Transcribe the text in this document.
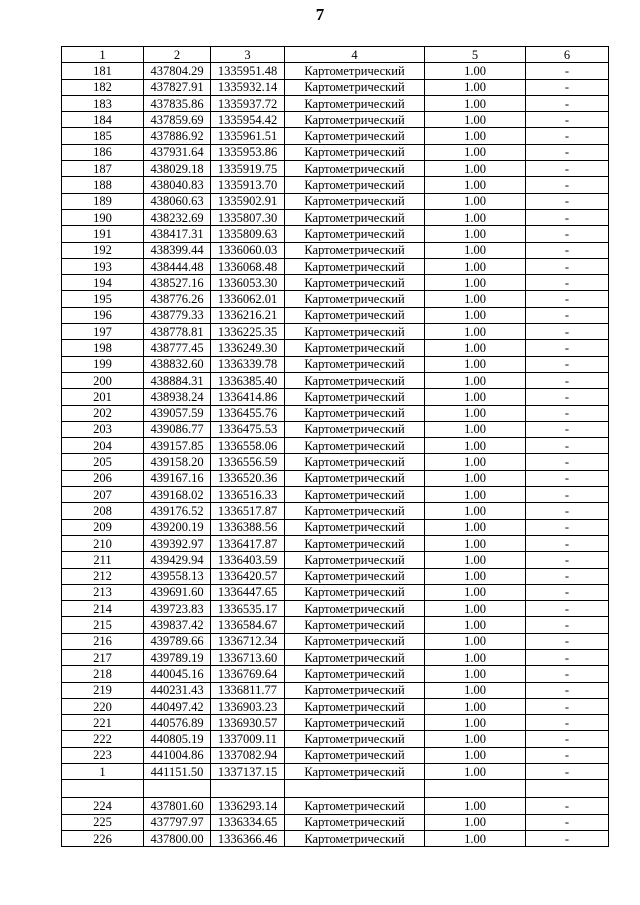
7
1	2	3	4	5	6
181	437804.29	1335951.48	Картометрический	1.00	-
182	437827.91	1335932.14	Картометрический	1.00	-
183	437835.86	1335937.72	Картометрический	1.00	-
184	437859.69	1335954.42	Картометрический	1.00	-
185	437886.92	1335961.51	Картометрический	1.00	-
186	437931.64	1335953.86	Картометрический	1.00	-
187	438029.18	1335919.75	Картометрический	1.00	-
188	438040.83	1335913.70	Картометрический	1.00	-
189	438060.63	1335902.91	Картометрический	1.00	-
190	438232.69	1335807.30	Картометрический	1.00	-
191	438417.31	1335809.63	Картометрический	1.00	-
192	438399.44	1336060.03	Картометрический	1.00	-
193	438444.48	1336068.48	Картометрический	1.00	-
194	438527.16	1336053.30	Картометрический	1.00	-
195	438776.26	1336062.01	Картометрический	1.00	-
196	438779.33	1336216.21	Картометрический	1.00	-
197	438778.81	1336225.35	Картометрический	1.00	-
198	438777.45	1336249.30	Картометрический	1.00	-
199	438832.60	1336339.78	Картометрический	1.00	-
200	438884.31	1336385.40	Картометрический	1.00	-
201	438938.24	1336414.86	Картометрический	1.00	-
202	439057.59	1336455.76	Картометрический	1.00	-
203	439086.77	1336475.53	Картометрический	1.00	-
204	439157.85	1336558.06	Картометрический	1.00	-
205	439158.20	1336556.59	Картометрический	1.00	-
206	439167.16	1336520.36	Картометрический	1.00	-
207	439168.02	1336516.33	Картометрический	1.00	-
208	439176.52	1336517.87	Картометрический	1.00	-
209	439200.19	1336388.56	Картометрический	1.00	-
210	439392.97	1336417.87	Картометрический	1.00	-
211	439429.94	1336403.59	Картометрический	1.00	-
212	439558.13	1336420.57	Картометрический	1.00	-
213	439691.60	1336447.65	Картометрический	1.00	-
214	439723.83	1336535.17	Картометрический	1.00	-
215	439837.42	1336584.67	Картометрический	1.00	-
216	439789.66	1336712.34	Картометрический	1.00	-
217	439789.19	1336713.60	Картометрический	1.00	-
218	440045.16	1336769.64	Картометрический	1.00	-
219	440231.43	1336811.77	Картометрический	1.00	-
220	440497.42	1336903.23	Картометрический	1.00	-
221	440576.89	1336930.57	Картометрический	1.00	-
222	440805.19	1337009.11	Картометрический	1.00	-
223	441004.86	1337082.94	Картометрический	1.00	-
1	441151.50	1337137.15	Картометрический	1.00	-

224	437801.60	1336293.14	Картометрический	1.00	-
225	437797.97	1336334.65	Картометрический	1.00	-
226	437800.00	1336366.46	Картометрический	1.00	-
